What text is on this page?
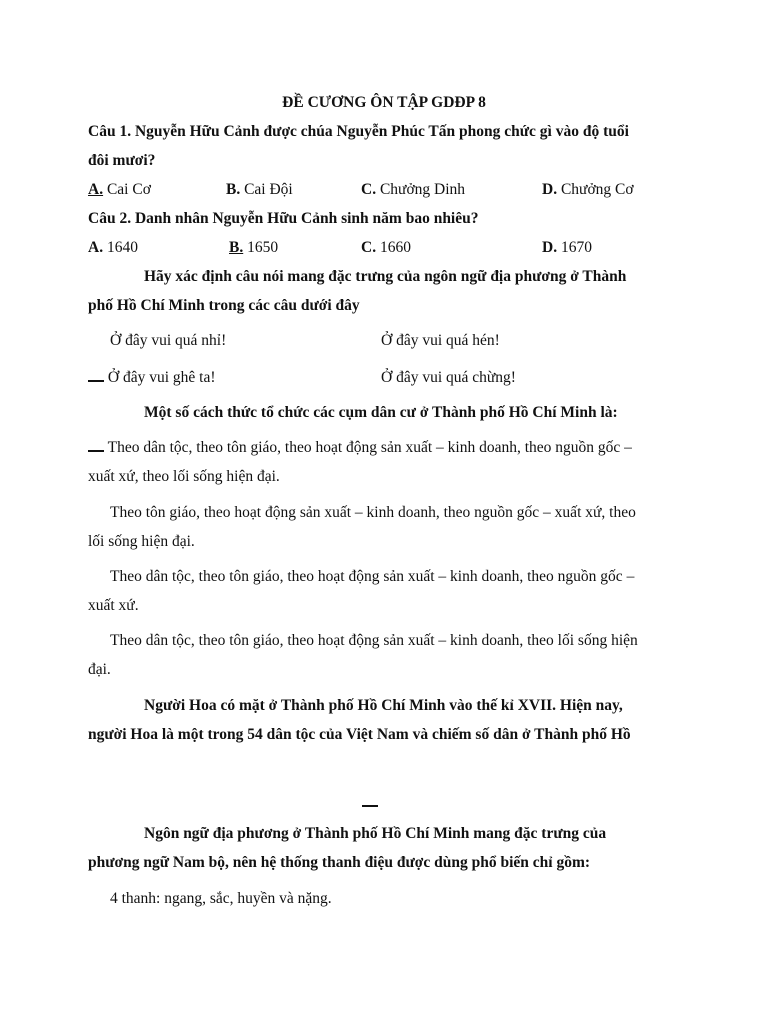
ĐỀ CƯƠNG ÔN TẬP GDĐP 8
Câu 1. Nguyễn Hữu Cảnh được chúa Nguyễn Phúc Tấn phong chức gì vào độ tuổi
đôi mươi?
A. Cai Cơ	B. Cai Đội	C. Chưởng Dinh	D. Chưởng Cơ
Câu 2. Danh nhân Nguyễn Hữu Cảnh sinh năm bao nhiêu?
A. 1640	B. 1650	C. 1660	D. 1670
Hãy xác định câu nói mang đặc trưng của ngôn ngữ địa phương ở Thành
phố Hồ Chí Minh trong các câu dưới đây
Ở đây vui quá nhỉ!	Ở đây vui quá hén!
Ở đây vui ghê ta!	Ở đây vui quá chừng!
Một số cách thức tổ chức các cụm dân cư ở Thành phố Hồ Chí Minh là:
Theo dân tộc, theo tôn giáo, theo hoạt động sản xuất – kinh doanh, theo nguồn gốc –
xuất xứ, theo lối sống hiện đại.
Theo tôn giáo, theo hoạt động sản xuất – kinh doanh, theo nguồn gốc – xuất xứ, theo
lối sống hiện đại.
Theo dân tộc, theo tôn giáo, theo hoạt động sản xuất – kinh doanh, theo nguồn gốc –
xuất xứ.
Theo dân tộc, theo tôn giáo, theo hoạt động sản xuất – kinh doanh, theo lối sống hiện
đại.
Người Hoa có mặt ở Thành phố Hồ Chí Minh vào thế kỉ XVII. Hiện nay,
người Hoa là một trong 54 dân tộc của Việt Nam và chiếm số dân ở Thành phố Hồ
Ngôn ngữ địa phương ở Thành phố Hồ Chí Minh mang đặc trưng của
phương ngữ Nam bộ, nên hệ thống thanh điệu được dùng phổ biến chỉ gồm:
4 thanh: ngang, sắc, huyền và nặng.
